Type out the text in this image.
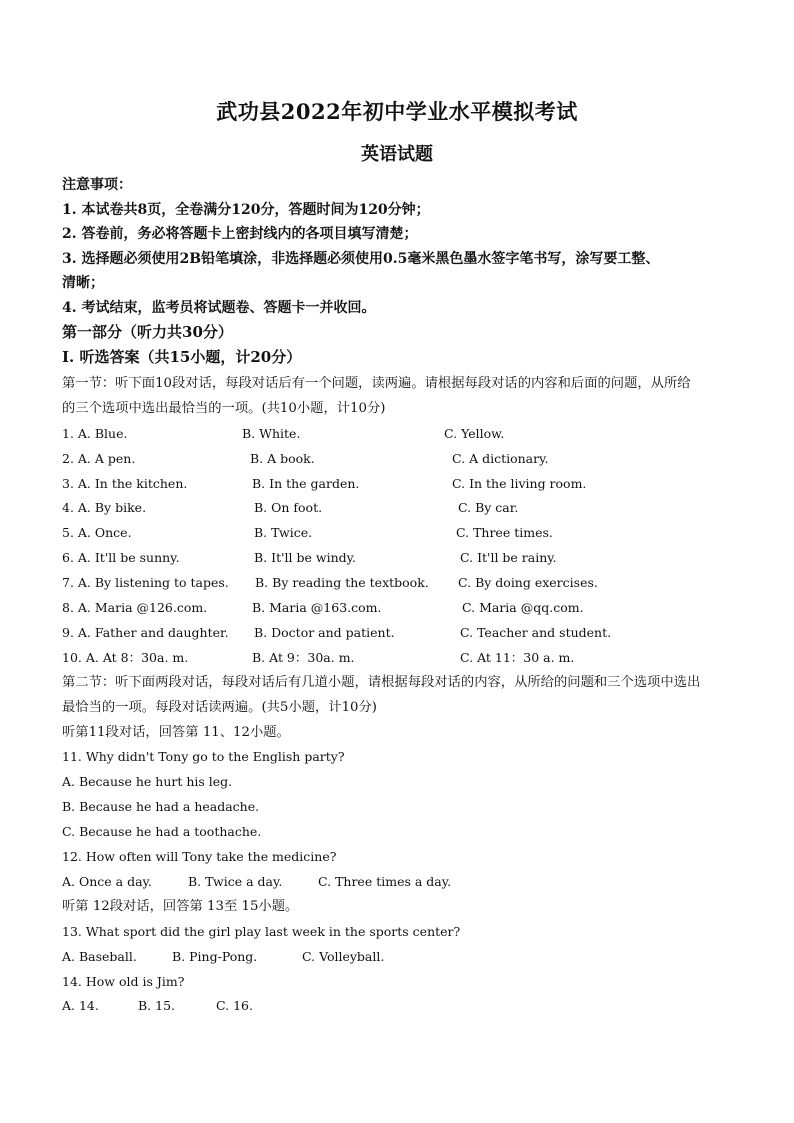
武功县2022年初中学业水平模拟考试
英语试题
注意事项：
1. 本试卷共8页，全卷满分120分，答题时间为120分钟；
2. 答卷前，务必将答题卡上密封线内的各项目填写清楚；
3. 选择题必须使用2B铅笔填涂，非选择题必须使用0.5毫米黑色墨水签字笔书写，涂写要工整、
清晰；
4. 考试结束，监考员将试题卷、答题卡一并收回。
第一部分（听力共30分）
I. 听选答案（共15小题，计20分）
第一节：听下面10段对话，每段对话后有一个问题，读两遍。请根据每段对话的内容和后面的问题，从所给
的三个选项中选出最恰当的一项。(共10小题，计10分)
1. A. Blue.	B. White.	C. Yellow.
2. A. A pen.	B. A book.	C. A dictionary.
3. A. In the kitchen.	B. In the garden.	C. In the living room.
4. A. By bike.	B. On foot.	C. By car.
5. A. Once.	B. Twice.	C. Three times.
6. A. It'll be sunny.	B. It'll be windy.	C. It'll be rainy.
7. A. By listening to tapes. B. By reading the textbook. C. By doing exercises.
8. A. Maria @126.com.	B. Maria @163.com.	C. Maria @qq.com.
9. A. Father and daughter. B. Doctor and patient.	C. Teacher and student.
10. A. At 8：30a. m.	B. At 9：30a. m.	C. At 11：30 a. m.
第二节：听下面两段对话，每段对话后有几道小题，请根据每段对话的内容，从所给的问题和三个选项中选出
最恰当的一项。每段对话读两遍。(共5小题，计10分)
听第11段对话，回答第 11、12小题。
11. Why didn't Tony go to the English party?
A. Because he hurt his leg.
B. Because he had a headache.
C. Because he had a toothache.
12. How often will Tony take the medicine?
A. Once a day.	B. Twice a day.	C. Three times a day.
听第 12段对话，回答第 13至 15小题。
13. What sport did the girl play last week in the sports center?
A. Baseball.	B. Ping-Pong.	C. Volleyball.
14. How old is Jim?
A. 14.	B. 15.	C. 16.
